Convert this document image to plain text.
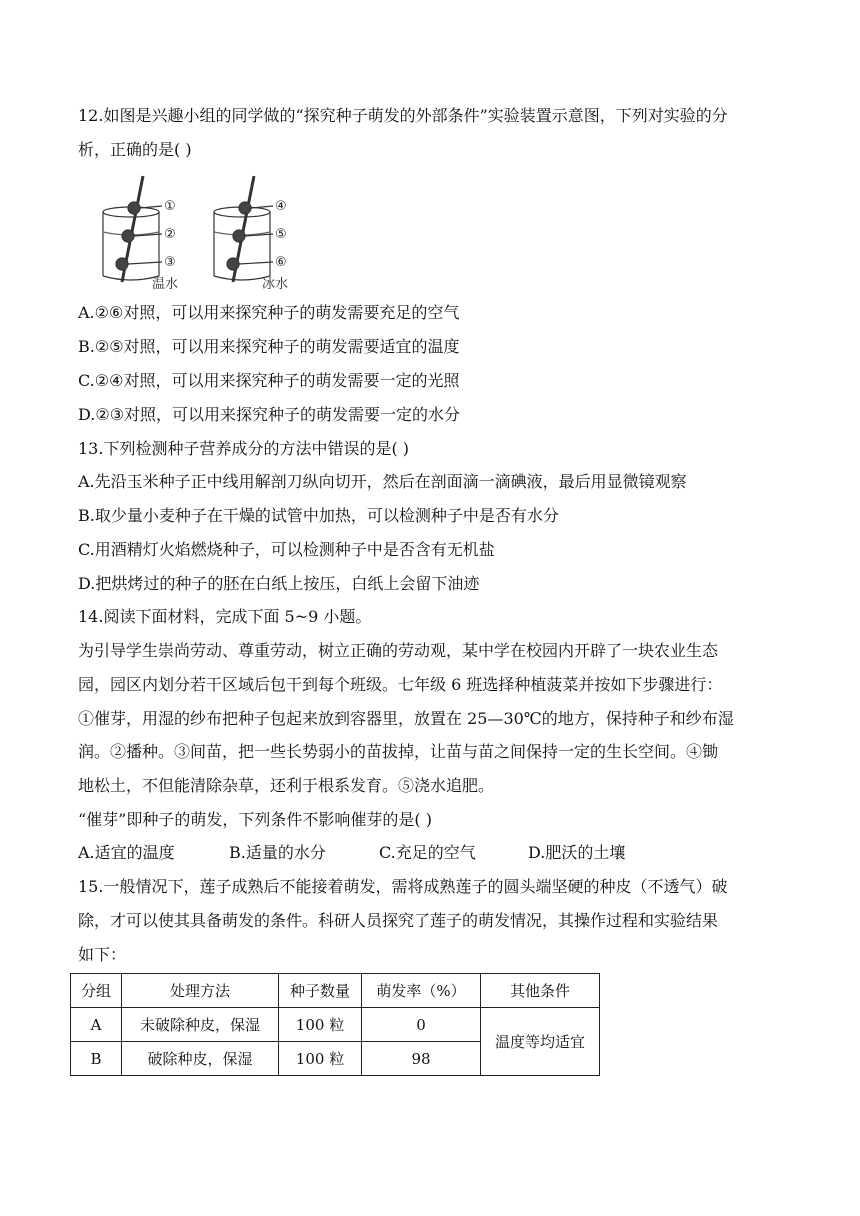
12.如图是兴趣小组的同学做的“探究种子萌发的外部条件”实验装置示意图，下列对实验的分
析，正确的是( )
①
②
③
④
⑤
⑥
温水	冰水
A.②⑥对照，可以用来探究种子的萌发需要充足的空气
B.②⑤对照，可以用来探究种子的萌发需要适宜的温度
C.②④对照，可以用来探究种子的萌发需要一定的光照
D.②③对照，可以用来探究种子的萌发需要一定的水分
13.下列检测种子营养成分的方法中错误的是( )
A.先沿玉米种子正中线用解剖刀纵向切开，然后在剖面滴一滴碘液，最后用显微镜观察
B.取少量小麦种子在干燥的试管中加热，可以检测种子中是否有水分
C.用酒精灯火焰燃烧种子，可以检测种子中是否含有无机盐
D.把烘烤过的种子的胚在白纸上按压，白纸上会留下油迹
14.阅读下面材料，完成下面 5~9 小题。
为引导学生崇尚劳动、尊重劳动，树立正确的劳动观，某中学在校园内开辟了一块农业生态
园，园区内划分若干区域后包干到每个班级。七年级 6 班选择种植菠菜并按如下步骤进行：
①催芽，用湿的纱布把种子包起来放到容器里，放置在 25—30℃的地方，保持种子和纱布湿
润。②播种。③间苗，把一些长势弱小的苗拔掉，让苗与苗之间保持一定的生长空间。④锄
地松土，不但能清除杂草，还利于根系发育。⑤浇水追肥。
“催芽”即种子的萌发，下列条件不影响催芽的是( )
A.适宜的温度	B.适量的水分	C.充足的空气	D.肥沃的土壤
15.一般情况下，莲子成熟后不能接着萌发，需将成熟莲子的圆头端坚硬的种皮（不透气）破
除，才可以使其具备萌发的条件。科研人员探究了莲子的萌发情况，其操作过程和实验结果
如下：
分组	处理方法	种子数量	萌发率（%）	其他条件
A	未破除种皮，保湿	100 粒	0	温度等均适宜
B	破除种皮，保湿	100 粒	98	
